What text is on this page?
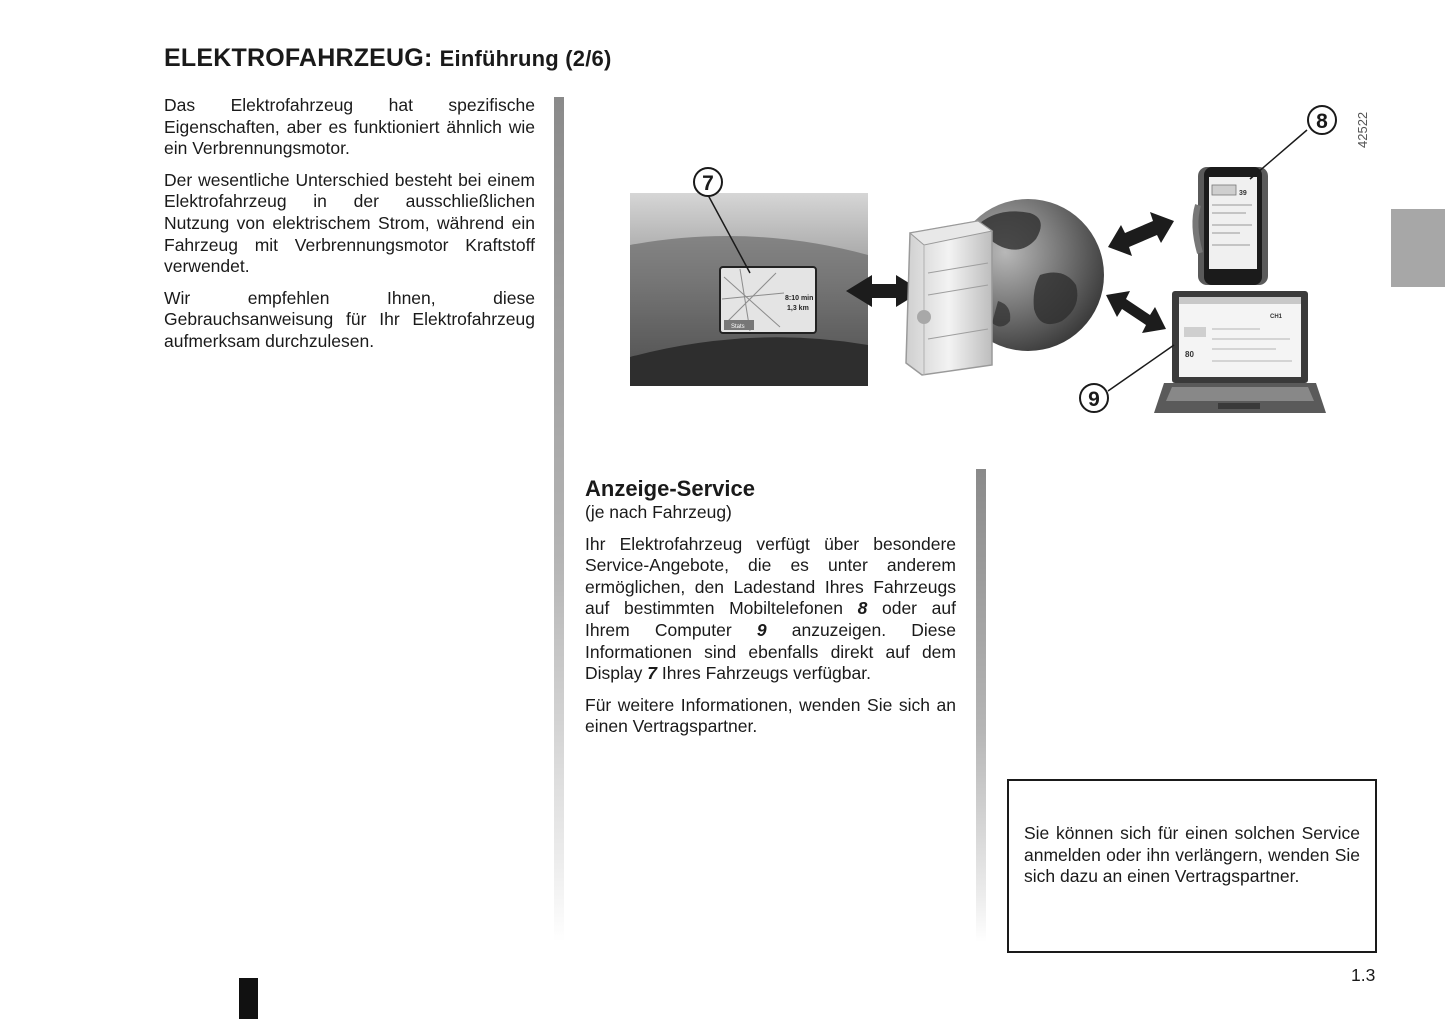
ELEKTROFAHRZEUG: Einführung (2/6)

Das Elektrofahrzeug hat spezifische Eigenschaften, aber es funktioniert ähnlich wie ein Verbrennungsmotor.

Der wesentliche Unterschied besteht bei einem Elektrofahrzeug in der ausschließlichen Nutzung von elektrischem Strom, während ein Fahrzeug mit Verbrennungsmotor Kraftstoff verwendet.

Wir empfehlen Ihnen, diese Gebrauchsanweisung für Ihr Elektrofahrzeug aufmerksam durchzulesen.

8:10 min
1,3 km
Stats
39
CH1
80
7
8
9
42522
Anzeige-Service

(je nach Fahrzeug)

Ihr Elektrofahrzeug verfügt über besondere Service-Angebote, die es unter anderem ermöglichen, den Ladestand Ihres Fahrzeugs auf bestimmten Mobiltelefonen 8 oder auf Ihrem Computer 9 anzuzeigen. Diese Informationen sind ebenfalls direkt auf dem Display 7 Ihres Fahrzeugs verfügbar.

Für weitere Informationen, wenden Sie sich an einen Vertragspartner.

Sie können sich für einen solchen Service anmelden oder ihn verlängern, wenden Sie sich dazu an einen Vertragspartner.

1.3
